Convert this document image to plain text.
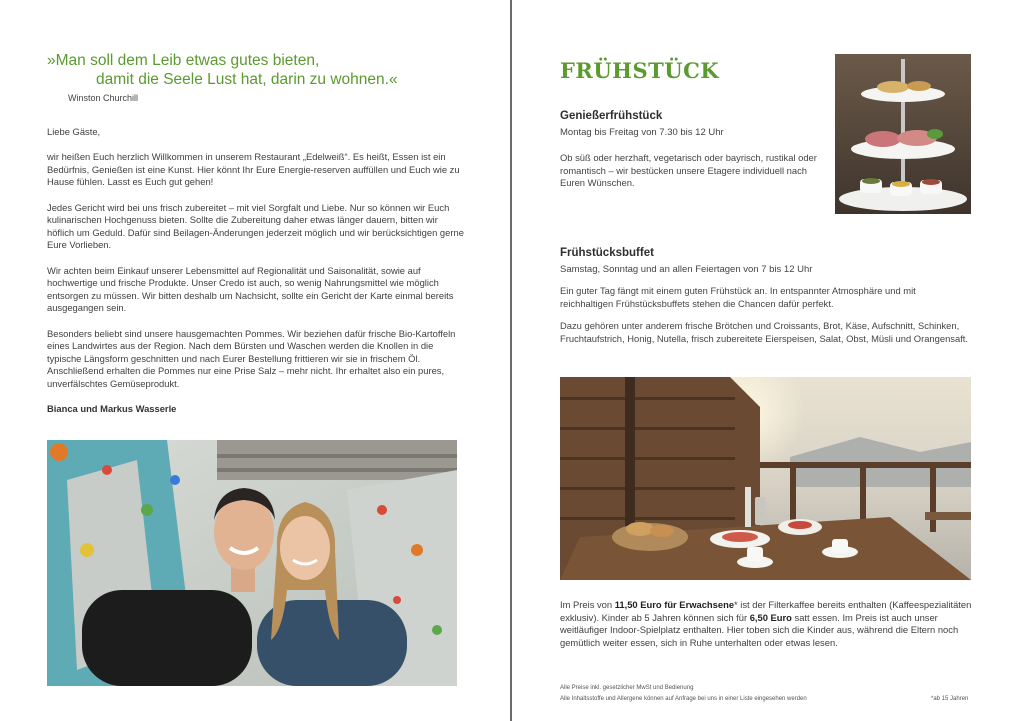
»Man soll dem Leib etwas gutes bieten,
damit die Seele Lust hat, darin zu wohnen.«
Winston Churchill

Liebe Gäste,

wir heißen Euch herzlich Willkommen in unserem Restaurant „Edelweiß“. Es heißt, Essen ist ein Bedürfnis, Genießen ist eine Kunst. Hier könnt Ihr Eure Energie-reserven auffüllen und Euch wie zu Hause fühlen. Lasst es Euch gut gehen!

Jedes Gericht wird bei uns frisch zubereitet – mit viel Sorgfalt und Liebe. Nur so können wir Euch kulinarischen Hochgenuss bieten. Sollte die Zubereitung daher etwas länger dauern, bitten wir höflich um Geduld. Dafür sind Beilagen-Änderungen jederzeit möglich und wir berücksichtigen gerne Eure Vorlieben.

Wir achten beim Einkauf unserer Lebensmittel auf Regionalität und Saisonalität, sowie auf hochwertige und frische Produkte. Unser Credo ist auch, so wenig Nahrungsmittel wie möglich entsorgen zu müssen. Wir bitten deshalb um Nachsicht, sollte ein Gericht der Karte einmal bereits ausgegangen sein.

Besonders beliebt sind unsere hausgemachten Pommes. Wir beziehen dafür frische Bio-Kartoffeln eines Landwirtes aus der Region. Nach dem Bürsten und Waschen werden die Knollen in die typische Längsform geschnitten und nach Eurer Bestellung frittieren wir sie in frischem Öl. Anschließend erhalten die Pommes nur eine Prise Salz – mehr nicht. Ihr erhaltet also ein pures, unverfälschtes Gemüseprodukt.

Bianca und Markus Wasserle

FRÜHSTÜCK
Genießerfrühstück
Montag bis Freitag von 7.30 bis 12 Uhr
Ob süß oder herzhaft, vegetarisch oder bayrisch, rustikal oder romantisch – wir bestücken unsere Etagere individuell nach Euren Wünschen.
Frühstücksbuffet
Samstag, Sonntag und an allen Feiertagen von 7 bis 12 Uhr
Ein guter Tag fängt mit einem guten Frühstück an. In entspannter Atmosphäre und mit reichhaltigen Frühstücksbuffets stehen die Chancen dafür perfekt.
Dazu gehören unter anderem frische Brötchen und Croissants, Brot, Käse, Aufschnitt, Schinken, Fruchtaufstrich, Honig, Nutella, frisch zubereitete Eierspeisen, Salat, Obst, Müsli und Orangensaft.
Im Preis von 11,50 Euro für Erwachsene* ist der Filterkaffee bereits enthalten (Kaffeespezialitäten exklusiv). Kinder ab 5 Jahren können sich für 6,50 Euro satt essen. Im Preis ist auch unser weitläufiger Indoor-Spielplatz enthalten. Hier toben sich die Kinder aus, während die Eltern noch gemütlich weiter essen, sich in Ruhe unterhalten oder etwas lesen.
Alle Preise inkl. gesetzlicher MwSt und Bedienung
Alle Inhaltsstoffe und Allergene können auf Anfrage bei uns in einer Liste eingesehen werden	*ab 15 Jahren
